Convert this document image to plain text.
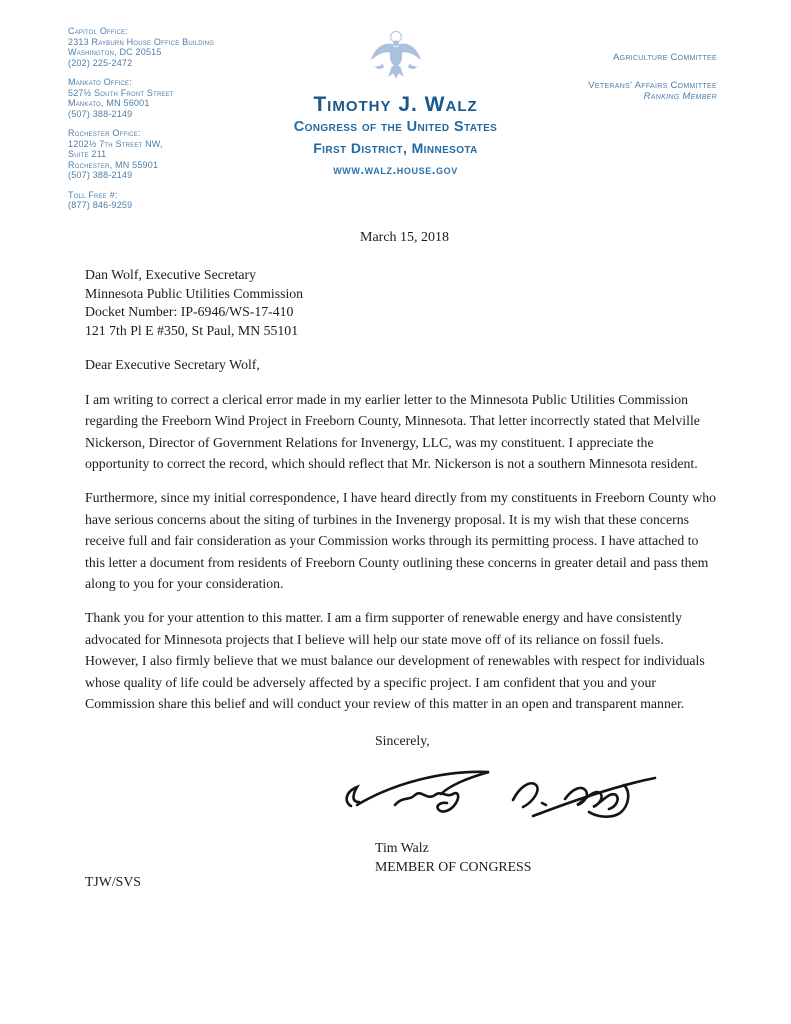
Capitol Office:
2313 Rayburn House Office Building
Washington, DC 20515
(202) 225-2472
Mankato Office:
527½ South Front Street
Mankato, MN 56001
(507) 388-2149
Rochester Office:
1202½ 7th Street NW,
Suite 211
Rochester, MN 55901
(507) 388-2149
Toll Free #:
(877) 846-9259
Timothy J. Walz
Congress of the United States
First District, Minnesota
www.walz.house.gov
Agriculture Committee
Veterans' Affairs Committee
Ranking Member
March 15, 2018
Dan Wolf, Executive Secretary
Minnesota Public Utilities Commission
Docket Number: IP-6946/WS-17-410
121 7th Pl E #350, St Paul, MN 55101
Dear Executive Secretary Wolf,

I am writing to correct a clerical error made in my earlier letter to the Minnesota Public Utilities Commission regarding the Freeborn Wind Project in Freeborn County, Minnesota. That letter incorrectly stated that Melville Nickerson, Director of Government Relations for Invenergy, LLC, was my constituent. I appreciate the opportunity to correct the record, which should reflect that Mr. Nickerson is not a southern Minnesota resident.

Furthermore, since my initial correspondence, I have heard directly from my constituents in Freeborn County who have serious concerns about the siting of turbines in the Invenergy proposal. It is my wish that these concerns receive full and fair consideration as your Commission works through its permitting process. I have attached to this letter a document from residents of Freeborn County outlining these concerns in greater detail and pass them along to you for your consideration.

Thank you for your attention to this matter. I am a firm supporter of renewable energy and have consistently advocated for Minnesota projects that I believe will help our state move off of its reliance on fossil fuels. However, I also firmly believe that we must balance our development of renewables with respect for individuals whose quality of life could be adversely affected by a specific project. I am confident that you and your Commission share this belief and will conduct your review of this matter in an open and transparent manner.

Sincerely,
Tim Walz
MEMBER OF CONGRESS
TJW/SVS
